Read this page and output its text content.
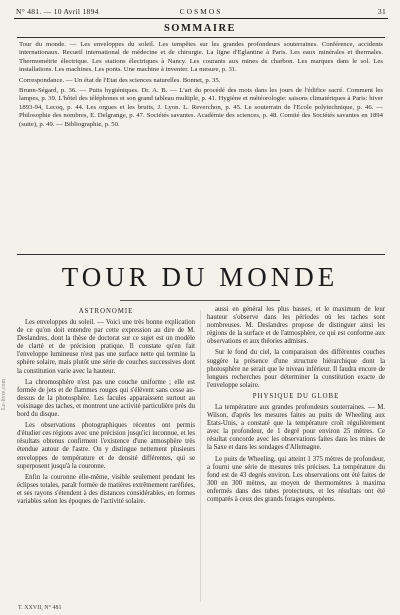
Le-livre.com
N° 481. — 10 Avril 1894	COSMOS	31
SOMMAIRE

Tour du monde. — Les enveloppes du soleil. Les tempêtes sur les grandes profondeurs souterraines. Conférence, accidents internationaux. Recueil international de médecine et de chirurgie. La ligne d'Eglantine à Paris. Les eaux minérales et thermales. Thermométrie électrique. Les stations électriques à Nancy. Les courants aux mines de charbon. Les marques dans le sol. Les installations. Les machines. Les ponts. Une machine à inventer. La mesure, p. 31.

Correspondance. — Un état de l'Etat des sciences naturelles. Bonnet, p. 35.

Brunn-Ségard, p. 36. — Puits hygiéniques. Dr. A. B. — L'art du procédé des mots dans les jours de l'édifice sacré. Comment les lampes, p. 39. L'hôtel des téléphones et son grand tableau multiple, p. 41. Hygiène et météorologie: saisons climatériques à Paris: hiver 1893-94, Lecoq, p. 44. Les orgues et les bruits, J. Lyon. L. Reverchon, p. 45. Le souterrain de l'Ecole polytechnique, p. 46. — Philosophie des nombres, E. Delgrange, p. 47. Sociétés savantes. Académie des sciences, p. 48. Comité des Sociétés savantes en 1894 (suite), p. 49. — Bibliographie, p. 50.

TOUR DU MONDE
ASTRONOMIE

Les enveloppes du soleil. — Voici une très bonne explication de ce qu'on doit entendre par cette expression au dire de M. Deslandres, dont la thèse de doctorat sur ce sujet est un modèle de clarté et de précision pratique. Il constate qu'en fait l'enveloppe lumineuse n'est pas une surface nette qui termine la sphère solaire, mais plutôt une série de couches successives dont la constitution varie avec la hauteur.

La chromosphère n'est pas une couche uniforme ; elle est formée de jets et de flammes rouges qui s'élèvent sans cesse au-dessus de la photosphère. Les facules apparaissent surtout au voisinage des taches, et montrent une activité particulière près du bord du disque.

Les observations photographiques récentes ont permis d'étudier ces régions avec une précision jusqu'ici inconnue, et les résultats obtenus confirment l'existence d'une atmosphère très étendue autour de l'astre. On y distingue nettement plusieurs enveloppes de température et de densité différentes, qui se superposent jusqu'à la couronne.

Enfin la couronne elle-même, visible seulement pendant les éclipses totales, paraît formée de matières extrêmement raréfiées, et ses rayons s'étendent à des distances considérables, en formes variables selon les époques de l'activité solaire.

aussi en général les plus basses, et le maximum de leur hauteur s'observe dans les périodes où les taches sont nombreuses. M. Deslandres propose de distinguer ainsi les régions de la surface et de l'atmosphère, ce qui est conforme aux observations et aux théories admises.

Sur le fond du ciel, la comparaison des différentes couches suggère la présence d'une structure hiérarchique dont la photosphère ne serait que le niveau inférieur. Il faudra encore de longues recherches pour déterminer la constitution exacte de l'enveloppe solaire.

PHYSIQUE DU GLOBE

La température aux grandes profondeurs souterraines. — M. Wilson, d'après les mesures faites au puits de Wheeling aux Etats-Unis, a constaté que la température croît régulièrement avec la profondeur, de 1 degré pour environ 25 mètres. Ce résultat concorde avec les observations faites dans les mines de la Saxe et dans les sondages d'Allemagne.

Le puits de Wheeling, qui atteint 1 375 mètres de profondeur, a fourni une série de mesures très précises. La température du fond est de 43 degrés environ. Les observations ont été faites de 300 en 300 mètres, au moyen de thermomètres à maxima enfermés dans des tubes protecteurs, et les résultats ont été comparés à ceux des grands forages européens.

T. XXVII, N° 481
